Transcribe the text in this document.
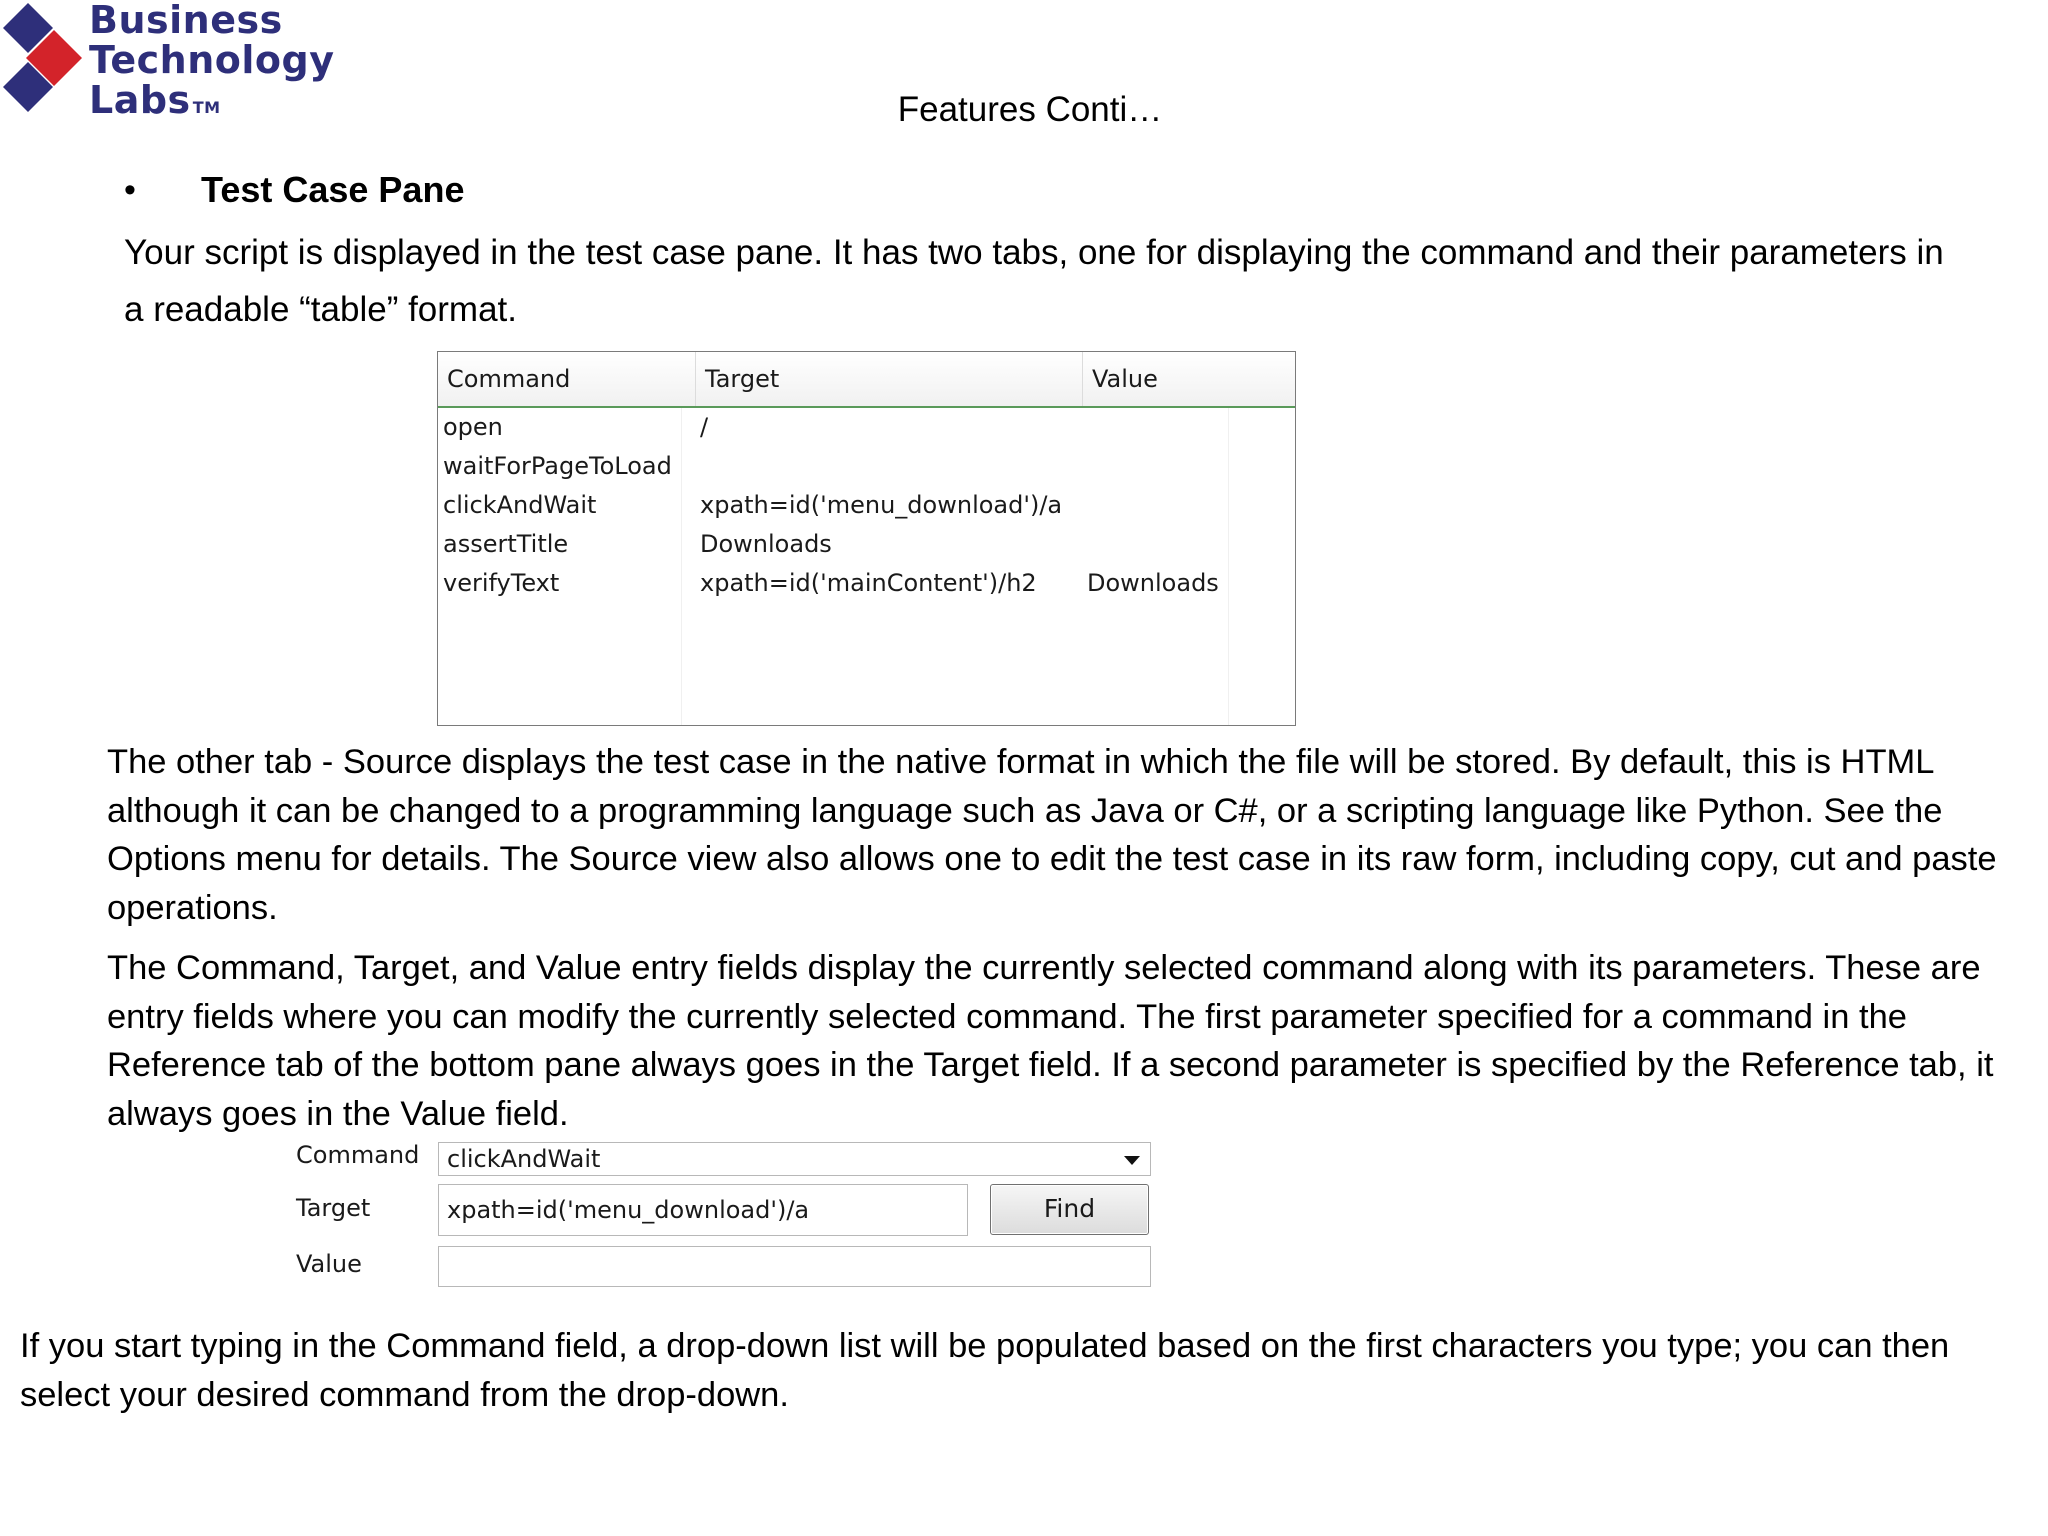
Business
Technology
Labs ™	Features Conti…
• Test Case Pane
Your script is displayed in the test case pane. It has two tabs, one for displaying the command and their parameters in a readable “table” format.
Command	Target	Value
open	/
waitForPageToLoad
clickAndWait	xpath=id('menu_download')/a
assertTitle	Downloads
verifyText	xpath=id('mainContent')/h2	Downloads
The other tab - Source displays the test case in the native format in which the file will be stored. By default, this is HTML although it can be changed to a programming language such as Java or C#, or a scripting language like Python. See the Options menu for details. The Source view also allows one to edit the test case in its raw form, including copy, cut and paste operations.
The Command, Target, and Value entry fields display the currently selected command along with its parameters. These are entry fields where you can modify the currently selected command. The first parameter specified for a command in the Reference tab of the bottom pane always goes in the Target field. If a second parameter is specified by the Reference tab, it always goes in the Value field.
Command	clickAndWait
Target	xpath=id('menu_download')/a	Find
Value
If you start typing in the Command field, a drop-down list will be populated based on the first characters you type; you can then select your desired command from the drop-down.
